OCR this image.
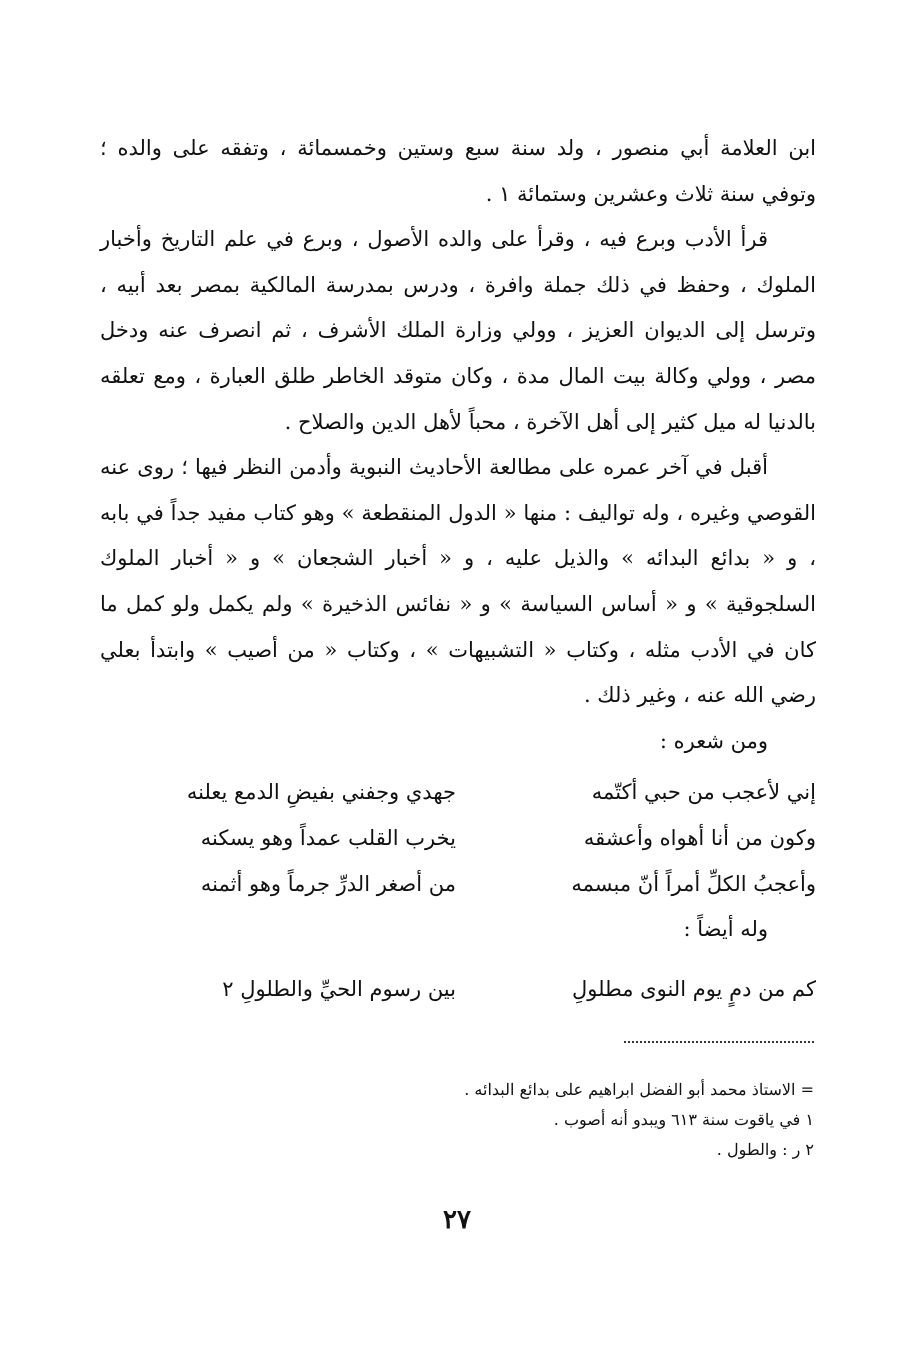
ابن العلامة أبي منصور ، ولد سنة سبع وستين وخمسمائة ، وتفقه على والده ؛ وتوفي سنة ثلاث وعشرين وستمائة ١ .

قرأ الأدب وبرع فيه ، وقرأ على والده الأصول ، وبرع في علم التاريخ وأخبار الملوك ، وحفظ في ذلك جملة وافرة ، ودرس بمدرسة المالكية بمصر بعد أبيه ، وترسل إلى الديوان العزيز ، وولي وزارة الملك الأشرف ، ثم انصرف عنه ودخل مصر ، وولي وكالة بيت المال مدة ، وكان متوقد الخاطر طلق العبارة ، ومع تعلقه بالدنيا له ميل كثير إلى أهل الآخرة ، محباً لأهل الدين والصلاح .

أقبل في آخر عمره على مطالعة الأحاديث النبوية وأدمن النظر فيها ؛ روى عنه القوصي وغيره ، وله تواليف : منها « الدول المنقطعة » وهو كتاب مفيد جداً في بابه ، و « بدائع البدائه » والذيل عليه ، و « أخبار الشجعان » و « أخبار الملوك السلجوقية » و « أساس السياسة » و « نفائس الذخيرة » ولم يكمل ولو كمل ما كان في الأدب مثله ، وكتاب « التشبيهات » ، وكتاب « من أصيب » وابتدأ بعلي رضي الله عنه ، وغير ذلك .

ومن شعره :

إني لأعجب من حبي أكتّمه
جهدي وجفني بفيضِ الدمع يعلنه
وكون من أنا أهواه وأعشقه
يخرب القلب عمداً وهو يسكنه
وأعجبُ الكلِّ أمراً أنّ مبسمه
من أصغر الدرِّ جرماً وهو أثمنه

وله أيضاً :

كم من دمٍ يوم النوى مطلولِ
بين رسوم الحيِّ والطلولِ ٢

= الاستاذ محمد أبو الفضل ابراهيم على بدائع البدائه .

١ في ياقوت سنة ٦١٣ ويبدو أنه أصوب .

٢ ر : والطول .

٢٧
